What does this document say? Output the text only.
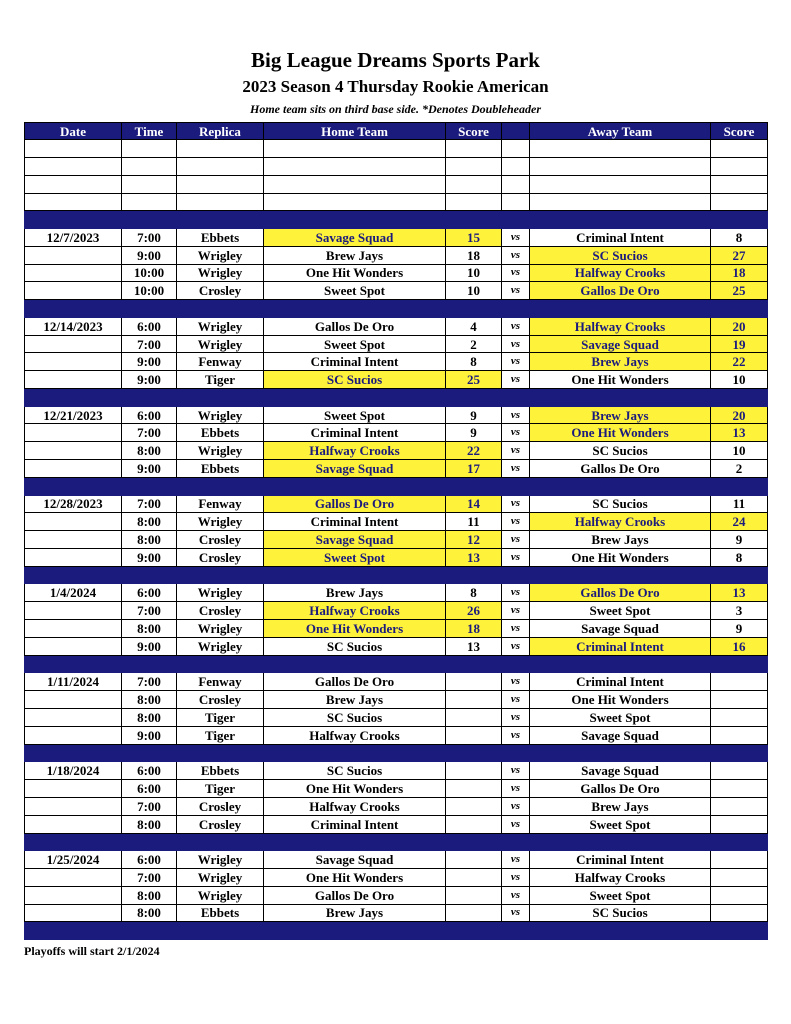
Big League Dreams Sports Park
2023 Season 4 Thursday Rookie American
Home team sits on third base side. *Denotes Doubleheader
Date	Time	Replica	Home Team	Score		Away Team	Score

12/7/2023	7:00	Ebbets	Savage Squad	15	vs	Criminal Intent	8
	9:00	Wrigley	Brew Jays	18	vs	SC Sucios	27
	10:00	Wrigley	One Hit Wonders	10	vs	Halfway Crooks	18
	10:00	Crosley	Sweet Spot	10	vs	Gallos De Oro	25

12/14/2023	6:00	Wrigley	Gallos De Oro	4	vs	Halfway Crooks	20
	7:00	Wrigley	Sweet Spot	2	vs	Savage Squad	19
	9:00	Fenway	Criminal Intent	8	vs	Brew Jays	22
	9:00	Tiger	SC Sucios	25	vs	One Hit Wonders	10

12/21/2023	6:00	Wrigley	Sweet Spot	9	vs	Brew Jays	20
	7:00	Ebbets	Criminal Intent	9	vs	One Hit Wonders	13
	8:00	Wrigley	Halfway Crooks	22	vs	SC Sucios	10
	9:00	Ebbets	Savage Squad	17	vs	Gallos De Oro	2

12/28/2023	7:00	Fenway	Gallos De Oro	14	vs	SC Sucios	11
	8:00	Wrigley	Criminal Intent	11	vs	Halfway Crooks	24
	8:00	Crosley	Savage Squad	12	vs	Brew Jays	9
	9:00	Crosley	Sweet Spot	13	vs	One Hit Wonders	8

1/4/2024	6:00	Wrigley	Brew Jays	8	vs	Gallos De Oro	13
	7:00	Crosley	Halfway Crooks	26	vs	Sweet Spot	3
	8:00	Wrigley	One Hit Wonders	18	vs	Savage Squad	9
	9:00	Wrigley	SC Sucios	13	vs	Criminal Intent	16

1/11/2024	7:00	Fenway	Gallos De Oro		vs	Criminal Intent	
	8:00	Crosley	Brew Jays		vs	One Hit Wonders	
	8:00	Tiger	SC Sucios		vs	Sweet Spot	
	9:00	Tiger	Halfway Crooks		vs	Savage Squad	

1/18/2024	6:00	Ebbets	SC Sucios		vs	Savage Squad	
	6:00	Tiger	One Hit Wonders		vs	Gallos De Oro	
	7:00	Crosley	Halfway Crooks		vs	Brew Jays	
	8:00	Crosley	Criminal Intent		vs	Sweet Spot	

1/25/2024	6:00	Wrigley	Savage Squad		vs	Criminal Intent	
	7:00	Wrigley	One Hit Wonders		vs	Halfway Crooks	
	8:00	Wrigley	Gallos De Oro		vs	Sweet Spot	
	8:00	Ebbets	Brew Jays		vs	SC Sucios	

Playoffs will start 2/1/2024
